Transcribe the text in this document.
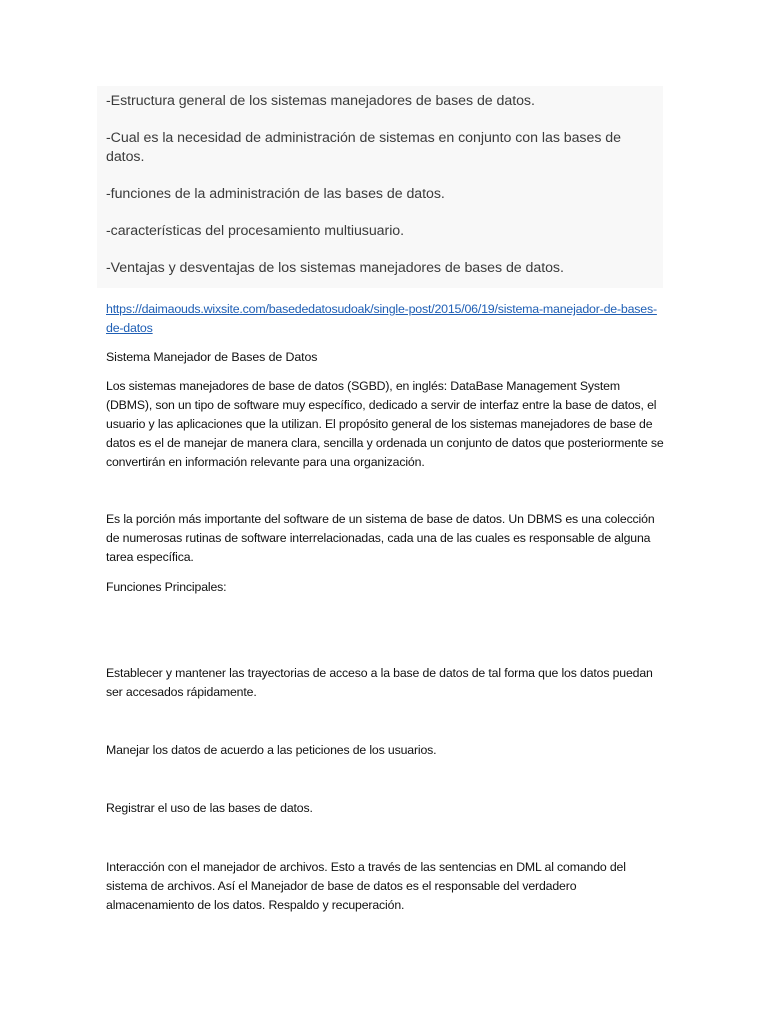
-Estructura general de los sistemas manejadores de bases de datos.

-Cual es la necesidad de administración de sistemas en conjunto con las bases de datos.

-funciones de la administración de las bases de datos.

-características del procesamiento multiusuario.

-Ventajas y desventajas de los sistemas manejadores de bases de datos.

https://daimaouds.wixsite.com/basededatosudoak/single-post/2015/06/19/sistema-manejador-de-bases-de-datos
Sistema Manejador de Bases de Datos

Los sistemas manejadores de base de datos (SGBD), en inglés: DataBase Management System (DBMS), son un tipo de software muy específico, dedicado a servir de interfaz entre la base de datos, el usuario y las aplicaciones que la utilizan. El propósito general de los sistemas manejadores de base de datos es el de manejar de manera clara, sencilla y ordenada un conjunto de datos que posteriormente se convertirán en información relevante para una organización.

Es la porción más importante del software de un sistema de base de datos. Un DBMS es una colección de numerosas rutinas de software interrelacionadas, cada una de las cuales es responsable de alguna tarea específica.

Funciones Principales:

Establecer y mantener las trayectorias de acceso a la base de datos de tal forma que los datos puedan ser accesados rápidamente.

Manejar los datos de acuerdo a las peticiones de los usuarios.

Registrar el uso de las bases de datos.

Interacción con el manejador de archivos. Esto a través de las sentencias en DML al comando del sistema de archivos. Así el Manejador de base de datos es el responsable del verdadero almacenamiento de los datos. Respaldo y recuperación.
